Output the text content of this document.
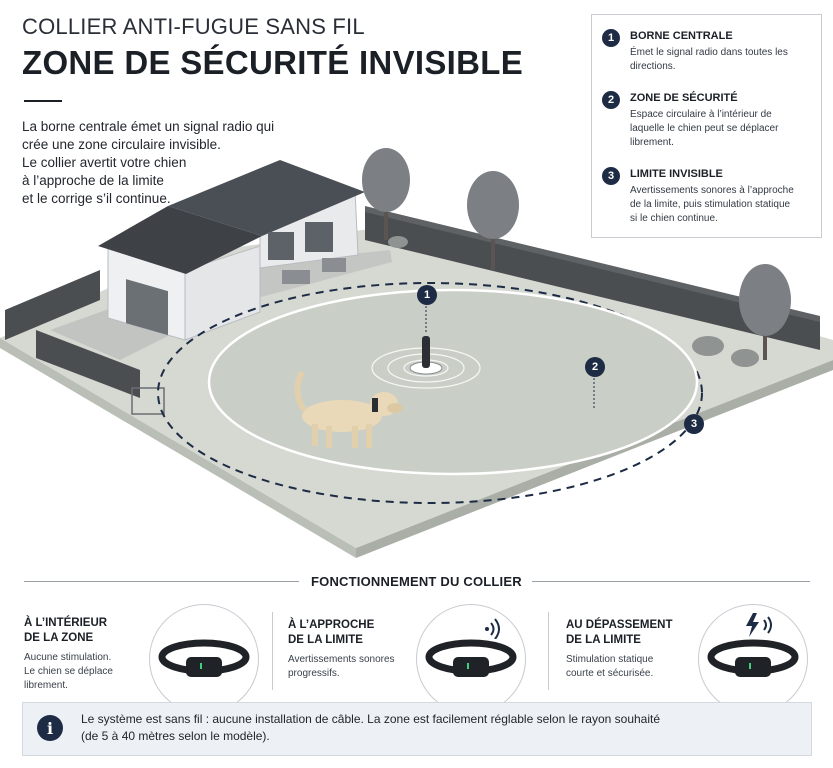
COLLIER ANTI-FUGUE SANS FIL
ZONE DE SÉCURITÉ INVISIBLE
La borne centrale émet un signal radio qui
crée une zone circulaire invisible.
Le collier avertit votre chien
à l’approche de la limite
et le corrige s’il continue.
1
2
3
1	BORNE CENTRALE
Émet le signal radio dans toutes les directions.
2	ZONE DE SÉCURITÉ
Espace circulaire à l’intérieur de laquelle le chien peut se déplacer librement.
3	LIMITE INVISIBLE
Avertissements sonores à l’approche de la limite, puis stimulation statique si le chien continue.
FONCTIONNEMENT DU COLLIER
À L’INTÉRIEUR
DE LA ZONE
Aucune stimulation.
Le chien se déplace
librement.
À L’APPROCHE
DE LA LIMITE
Avertissements sonores
progressifs.
AU DÉPASSEMENT
DE LA LIMITE
Stimulation statique
courte et sécurisée.
i	Le système est sans fil : aucune installation de câble. La zone est facilement réglable selon le rayon souhaité
(de 5 à 40 mètres selon le modèle).
